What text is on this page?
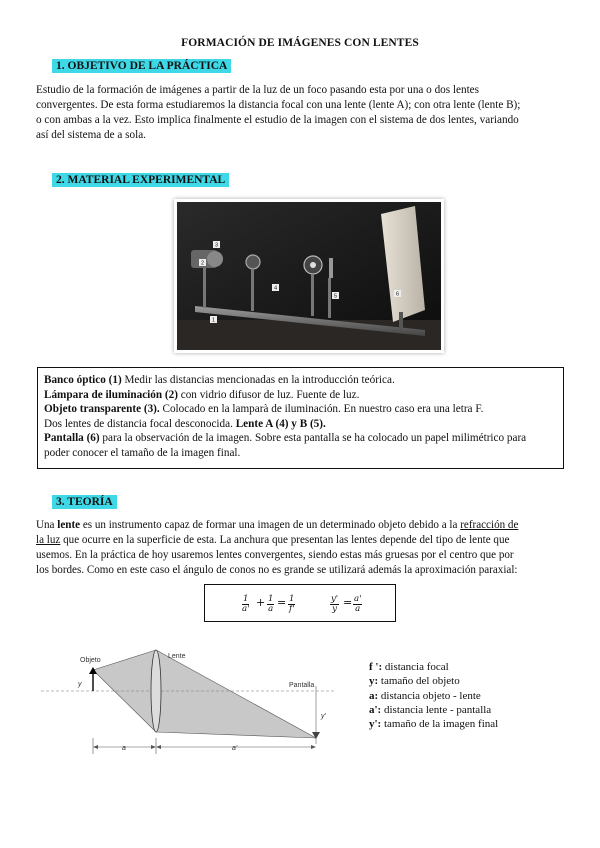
FORMACIÓN DE IMÁGENES CON LENTES
1. OBJETIVO DE LA PRÁCTICA
Estudio de la formación de imágenes a partir de la luz de un foco pasando esta por una o dos lentes
convergentes. De esta forma estudiaremos la distancia focal con una lente (lente A); con otra lente (lente B);
o con ambas a la vez. Esto implica finalmente el estudio de la imagen con el sistema de dos lentes, variando
así del sistema de a sola.
2. MATERIAL EXPERIMENTAL
1
2
3
4
5	6
Banco óptico (1) Medir las distancias mencionadas en la introducción teórica.
Lámpara de iluminación (2) con vidrio difusor de luz. Fuente de luz.
Objeto transparente (3). Colocado en la lamparà de iluminación. En nuestro caso era una letra F.
Dos lentes de distancia focal desconocida. Lente A (4) y B (5).
Pantalla (6) para la observación de la imagen. Sobre esta pantalla se ha colocado un papel milimétrico para
poder conocer el tamaño de la imagen final.
3. TEORÍA
Una lente es un instrumento capaz de formar una imagen de un determinado objeto debido a la refracción de
la luz que ocurre en la superficie de esta. La anchura que presentan las lentes depende del tipo de lente que
usemos. En la práctica de hoy usaremos lentes convergentes, siendo estas más gruesas por el centro que por
los bordes. Como en este caso el ángulo de conos no es grande se utilizará además la aproximación paraxial:
$\frac{1}{a'} + \frac{1}{a} = \frac{1}{f'}$	$\frac{y'}{y} = \frac{a'}{a}$
Objeto
Lente
Pantalla
y
y'
a	a'
f ': distancia focal
y: tamaño del objeto
a: distancia objeto - lente
a': distancia lente - pantalla
y': tamaño de la imagen final
